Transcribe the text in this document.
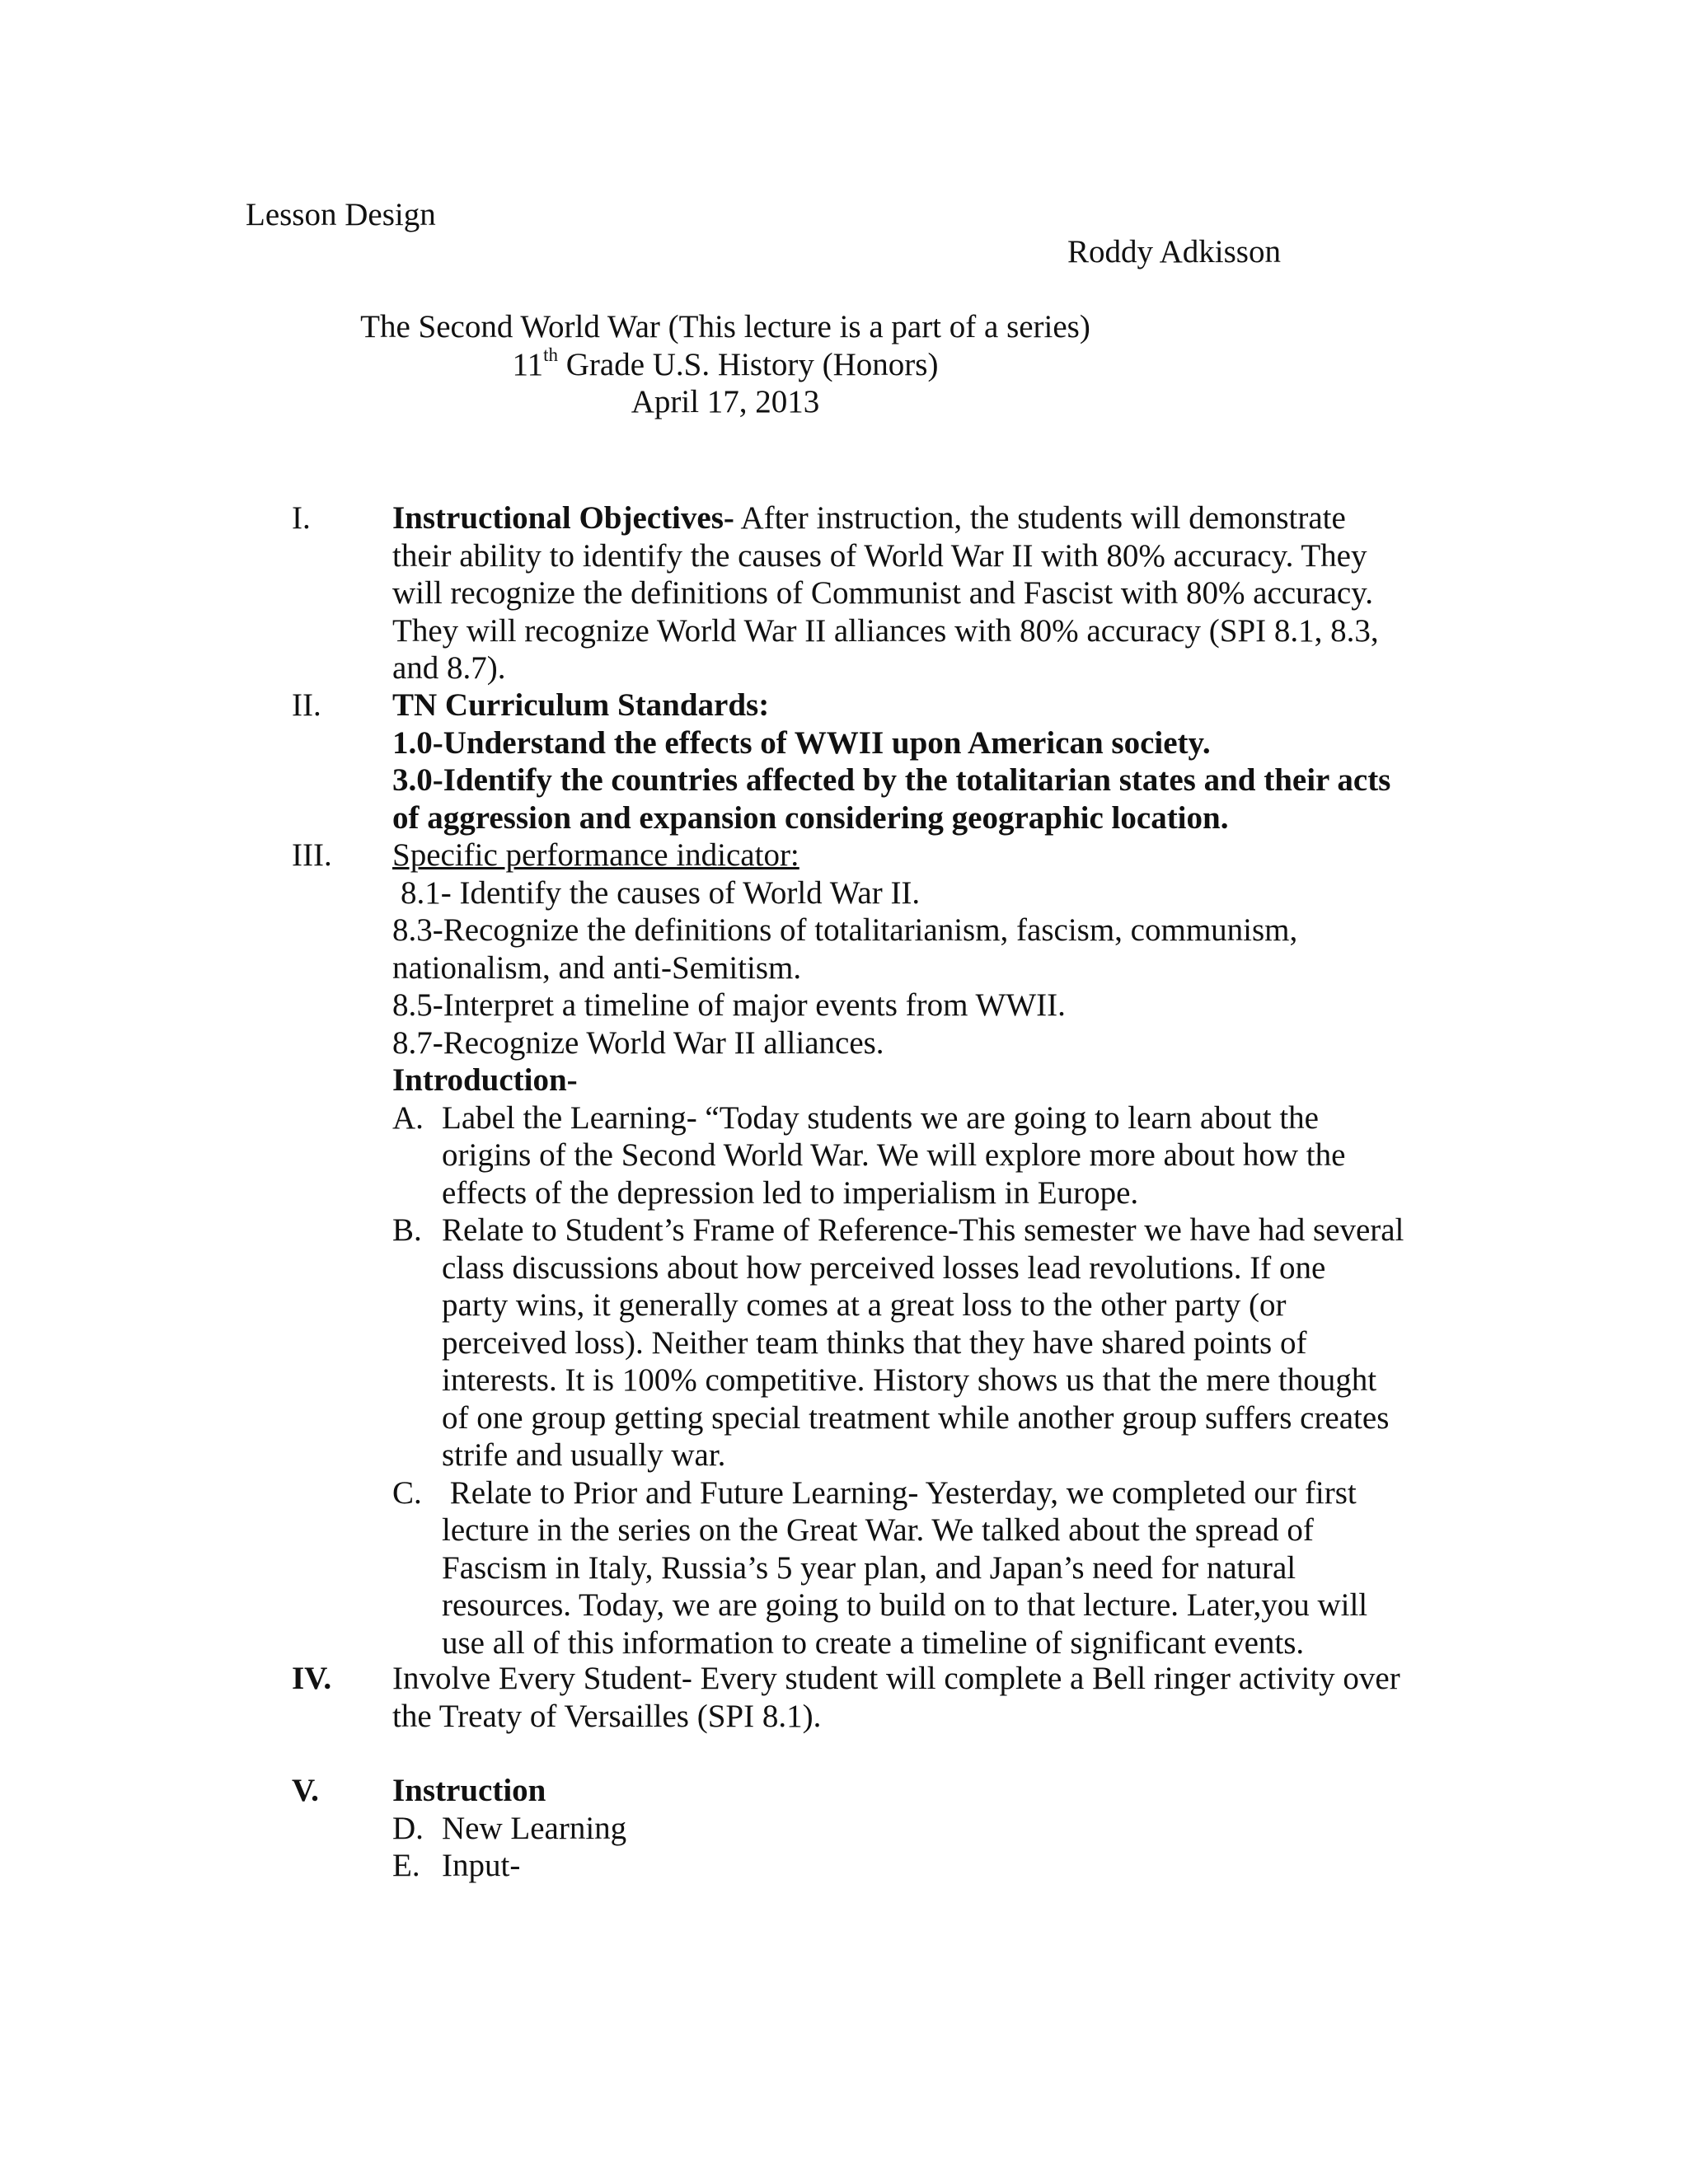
Lesson Design
Roddy Adkisson
The Second World War (This lecture is a part of a series)
11th Grade U.S. History (Honors)
April 17, 2013
I.	Instructional Objectives- After instruction, the students will demonstrate
their ability to identify the causes of World War II with 80% accuracy. They
will recognize the definitions of Communist and Fascist with 80% accuracy.
They will recognize World War II alliances with 80% accuracy (SPI 8.1, 8.3,
and 8.7).
II. TN Curriculum Standards:
1.0-Understand the effects of WWII upon American society.
3.0-Identify the countries affected by the totalitarian states and their acts
of aggression and expansion considering geographic location.
III. Specific performance indicator:
8.1- Identify the causes of World War II.
8.3-Recognize the definitions of totalitarianism, fascism, communism,
nationalism, and anti-Semitism.
8.5-Interpret a timeline of major events from WWII.
8.7-Recognize World War II alliances.
Introduction-
A. Label the Learning- “Today students we are going to learn about the
origins of the Second World War. We will explore more about how the
effects of the depression led to imperialism in Europe.
B. Relate to Student’s Frame of Reference-This semester we have had several
class discussions about how perceived losses lead revolutions. If one
party wins, it generally comes at a great loss to the other party (or
perceived loss). Neither team thinks that they have shared points of
interests. It is 100% competitive. History shows us that the mere thought
of one group getting special treatment while another group suffers creates
strife and usually war.
C. Relate to Prior and Future Learning- Yesterday, we completed our first
lecture in the series on the Great War. We talked about the spread of
Fascism in Italy, Russia’s 5 year plan, and Japan’s need for natural
resources. Today, we are going to build on to that lecture. Later,you will
use all of this information to create a timeline of significant events.
IV. Involve Every Student- Every student will complete a Bell ringer activity over
the Treaty of Versailles (SPI 8.1).
V. Instruction
D. New Learning
E. Input-
